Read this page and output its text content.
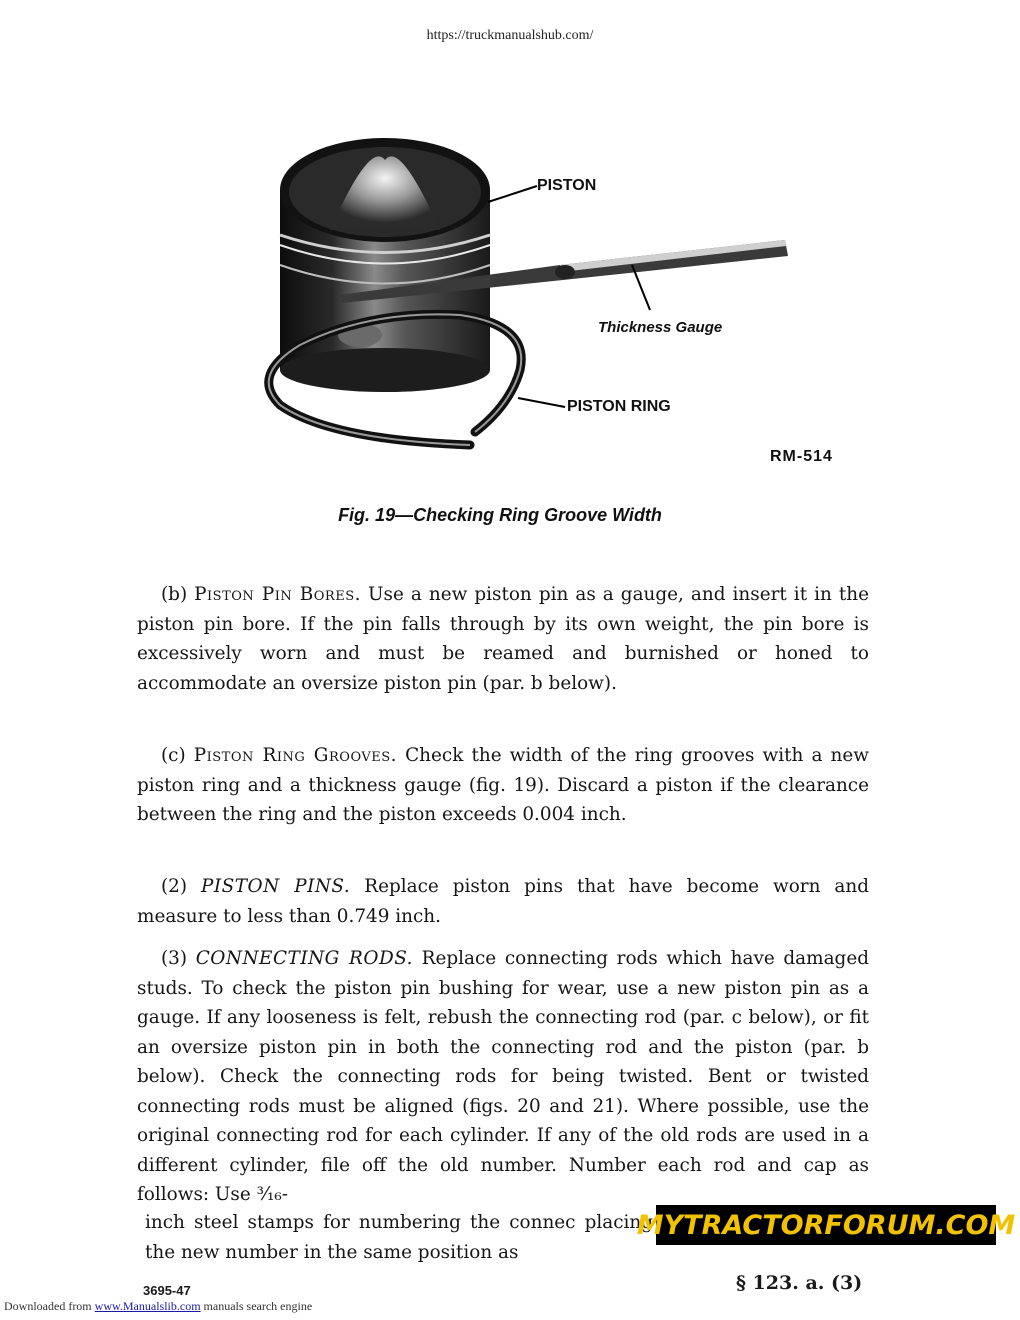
https://truckmanualshub.com/
PISTON
Thickness Gauge
PISTON RING
RM-514
Fig. 19—Checking Ring Groove Width
(b) Piston Pin Bores. Use a new piston pin as a gauge, and insert it in the piston pin bore. If the pin falls through by its own weight, the pin bore is excessively worn and must be reamed and burnished or honed to accommodate an oversize piston pin (par. b below).
(c) Piston Ring Grooves. Check the width of the ring grooves with a new piston ring and a thickness gauge (fig. 19). Discard a piston if the clearance between the ring and the piston exceeds 0.004 inch.
(2) PISTON PINS. Replace piston pins that have become worn and measure to less than 0.749 inch.
(3) CONNECTING RODS. Replace connecting rods which have damaged studs. To check the piston pin bushing for wear, use a new piston pin as a gauge. If any looseness is felt, rebush the connecting rod (par. c below), or fit an oversize piston pin in both the connecting rod and the piston (par. b below). Check the connecting rods for being twisted. Bent or twisted connecting rods must be aligned (figs. 20 and 21). Where possible, use the original connecting rod for each cylinder. If any of the old rods are used in a different cylinder, file off the old number. Number each rod and cap as follows: Use ³⁄₁₆-
inch steel stamps for numbering the connec placing the new number in the same position as
MYTRACTORFORUM.COM
3695-47	§ 123. a. (3)
Downloaded from www.Manualslib.com manuals search engine
